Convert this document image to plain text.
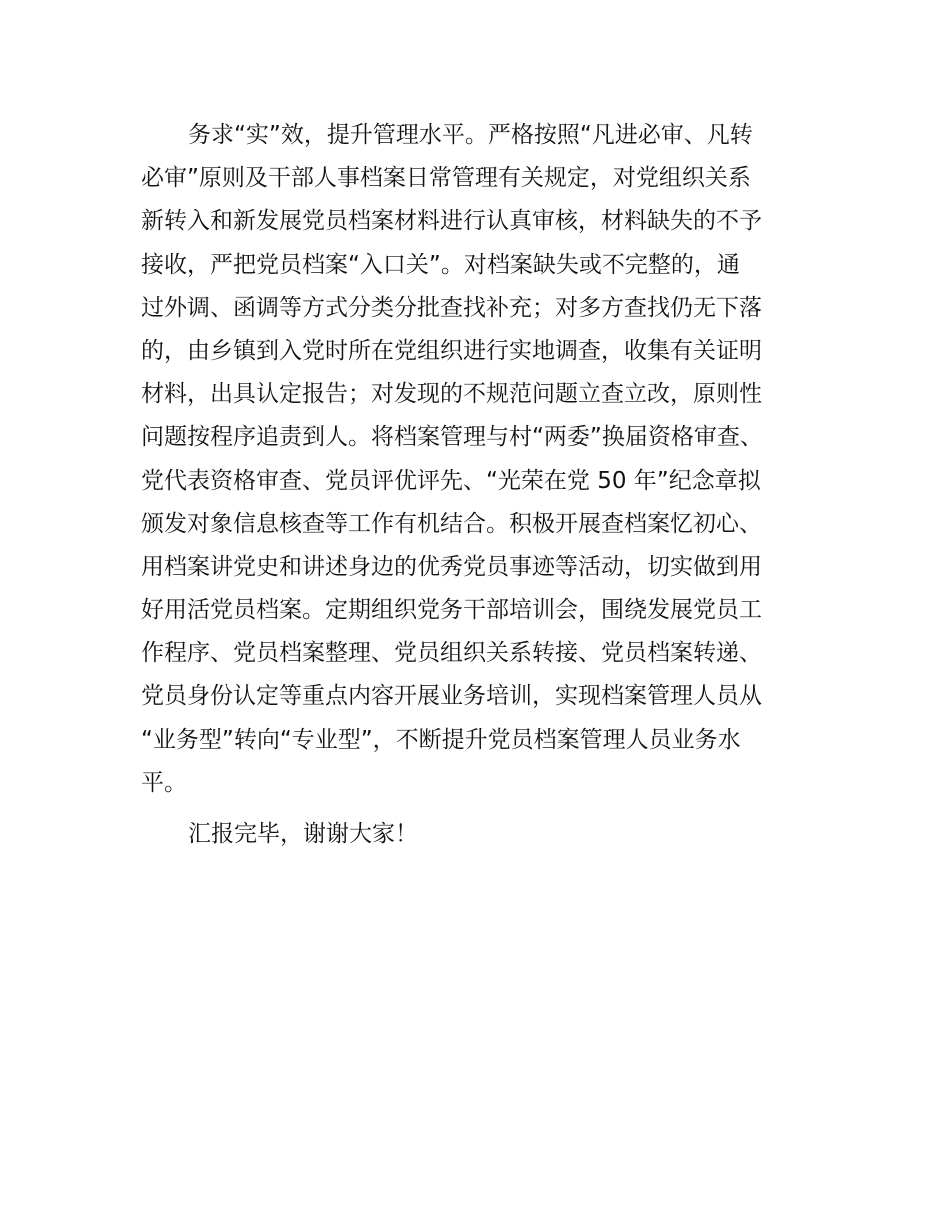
务求“实”效，提升管理水平。严格按照“凡进必审、凡转
必审”原则及干部人事档案日常管理有关规定，对党组织关系
新转入和新发展党员档案材料进行认真审核，材料缺失的不予
接收，严把党员档案“入口关”。对档案缺失或不完整的，通
过外调、函调等方式分类分批查找补充；对多方查找仍无下落
的，由乡镇到入党时所在党组织进行实地调查，收集有关证明
材料，出具认定报告；对发现的不规范问题立查立改，原则性
问题按程序追责到人。将档案管理与村“两委”换届资格审查、
党代表资格审查、党员评优评先、“光荣在党 50 年”纪念章拟
颁发对象信息核查等工作有机结合。积极开展查档案忆初心、
用档案讲党史和讲述身边的优秀党员事迹等活动，切实做到用
好用活党员档案。定期组织党务干部培训会，围绕发展党员工
作程序、党员档案整理、党员组织关系转接、党员档案转递、
党员身份认定等重点内容开展业务培训，实现档案管理人员从
“业务型”转向“专业型”，不断提升党员档案管理人员业务水
平。
汇报完毕，谢谢大家！
